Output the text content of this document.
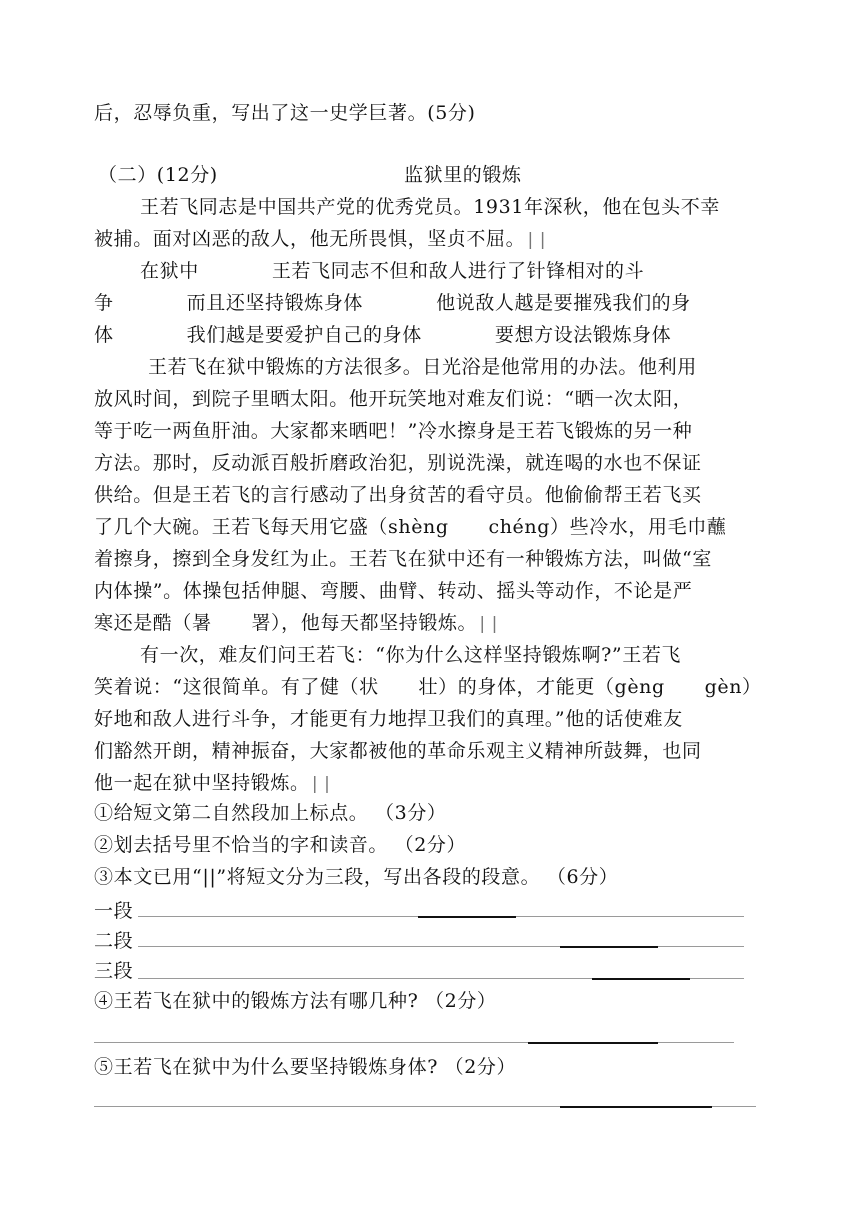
后，忍辱负重，写出了这一史学巨著。(5分)
（二）(12分)	监狱里的锻炼
王若飞同志是中国共产党的优秀党员。1931年深秋，他在包头不幸
被捕。面对凶恶的敌人，他无所畏惧，坚贞不屈。||
在狱中           王若飞同志不但和敌人进行了针锋相对的斗
争           而且还坚持锻炼身体           他说敌人越是要摧残我们的身
体           我们越是要爱护自己的身体           要想方设法锻炼身体
王若飞在狱中锻炼的方法很多。日光浴是他常用的办法。他利用
放风时间，到院子里晒太阳。他开玩笑地对难友们说：“晒一次太阳，
等于吃一两鱼肝油。大家都来晒吧！”冷水擦身是王若飞锻炼的另一种
方法。那时，反动派百般折磨政治犯，别说洗澡，就连喝的水也不保证
供给。但是王若飞的言行感动了出身贫苦的看守员。他偷偷帮王若飞买
了几个大碗。王若飞每天用它盛（shèng      chéng）些冷水，用毛巾蘸
着擦身，擦到全身发红为止。王若飞在狱中还有一种锻炼方法，叫做“室
内体操”。体操包括伸腿、弯腰、曲臂、转动、摇头等动作，不论是严
寒还是酷（暑      署），他每天都坚持锻炼。||
有一次，难友们问王若飞：“你为什么这样坚持锻炼啊?”王若飞
笑着说：“这很简单。有了健（状      壮）的身体，才能更（gèng      gèn）
好地和敌人进行斗争，才能更有力地捍卫我们的真理。”他的话使难友
们豁然开朗，精神振奋，大家都被他的革命乐观主义精神所鼓舞，也同
他一起在狱中坚持锻炼。||
①给短文第二自然段加上标点。 （3分）
②划去括号里不恰当的字和读音。 （2分）
③本文已用“||”将短文分为三段，写出各段的段意。 （6分）
一段
二段
三段
④王若飞在狱中的锻炼方法有哪几种? （2分）
⑤王若飞在狱中为什么要坚持锻炼身体? （2分）
